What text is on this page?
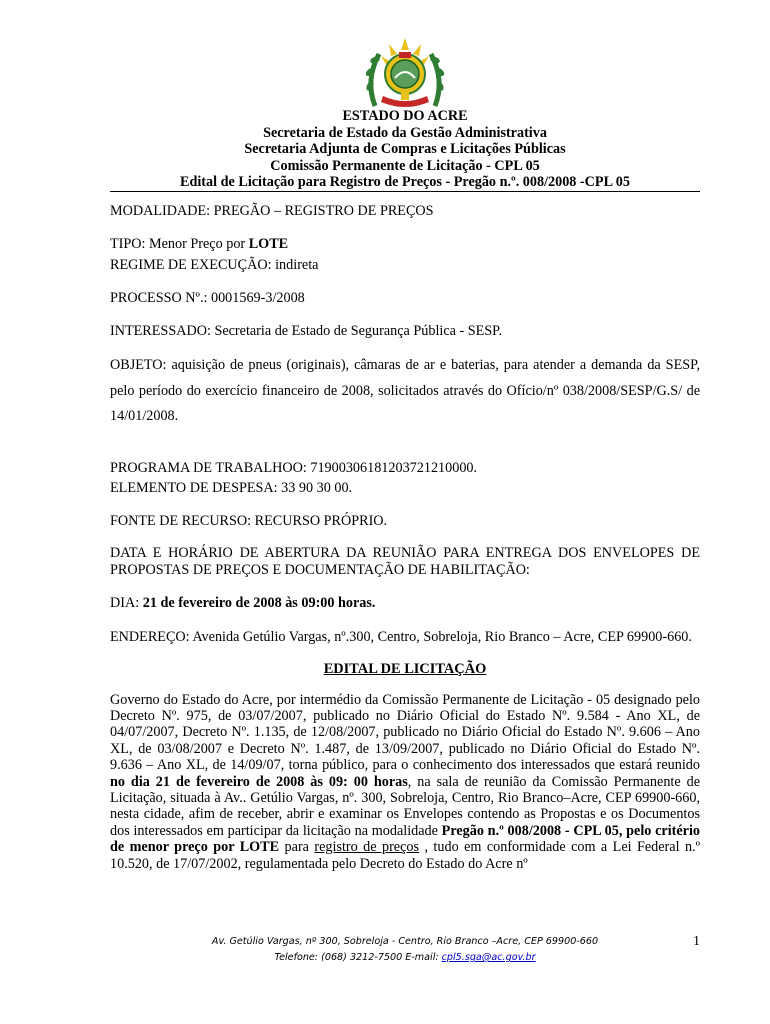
ESTADO DO ACRE
Secretaria de Estado da Gestão Administrativa
Secretaria Adjunta de Compras e Licitações Públicas
Comissão Permanente de Licitação - CPL 05
Edital de Licitação para Registro de Preços - Pregão n.º. 008/2008 -CPL 05

MODALIDADE: PREGÃO – REGISTRO DE PREÇOS

TIPO: Menor Preço por LOTE

REGIME DE EXECUÇÃO: indireta

PROCESSO Nº.: 0001569-3/2008

INTERESSADO: Secretaria de Estado de Segurança Pública - SESP.

OBJETO: aquisição de pneus (originais), câmaras de ar e baterias, para atender a demanda da SESP, pelo período do exercício financeiro de 2008, solicitados através do Ofício/nº 038/2008/SESP/G.S/ de 14/01/2008.

PROGRAMA DE TRABALHOO: 719003061812037212​10000.

ELEMENTO DE DESPESA: 33 90 30 00.

FONTE DE RECURSO: RECURSO PRÓPRIO.

DATA E HORÁRIO DE ABERTURA DA REUNIÃO PARA ENTREGA DOS ENVELOPES DE PROPOSTAS DE PREÇOS E DOCUMENTAÇÃO DE HABILITAÇÃO:

DIA: 21 de fevereiro de 2008 às 09:00 horas.

ENDEREÇO: Avenida Getúlio Vargas, nº.300, Centro, Sobreloja, Rio Branco – Acre, CEP 69900-660.

EDITAL DE LICITAÇÃO

Governo do Estado do Acre, por intermédio da Comissão Permanente de Licitação - 05 designado pelo Decreto Nº. 975, de 03/07/2007, publicado no Diário Oficial do Estado Nº. 9.584 - Ano XL, de 04/07/2007, Decreto Nº. 1.135, de 12/08/2007, publicado no Diário Oficial do Estado Nº. 9.606 – Ano XL, de 03/08/2007 e Decreto Nº. 1.487, de 13/09/2007, publicado no Diário Oficial do Estado Nº. 9.636 – Ano XL, de 14/09/07, torna público, para o conhecimento dos interessados que estará reunido no dia 21 de fevereiro de 2008 às 09: 00 horas, na sala de reunião da Comissão Permanente de Licitação, situada à Av.. Getúlio Vargas, nº. 300, Sobreloja, Centro, Rio Branco–Acre, CEP 69900-660, nesta cidade, afim de receber, abrir e examinar os Envelopes contendo as Propostas e os Documentos dos interessados em participar da licitação na modalidade Pregão n.º 008/2008 - CPL 05, pelo critério de menor preço por LOTE para registro de preços , tudo em conformidade com a Lei Federal n.º 10.520, de 17/07/2002, regulamentada pelo Decreto do Estado do Acre nº

Av. Getúlio Vargas, nº 300, Sobreloja - Centro, Rio Branco –Acre, CEP 69900-660
Telefone: (068) 3212-7500 E-mail: cpl5.sga@ac.gov.br
1
